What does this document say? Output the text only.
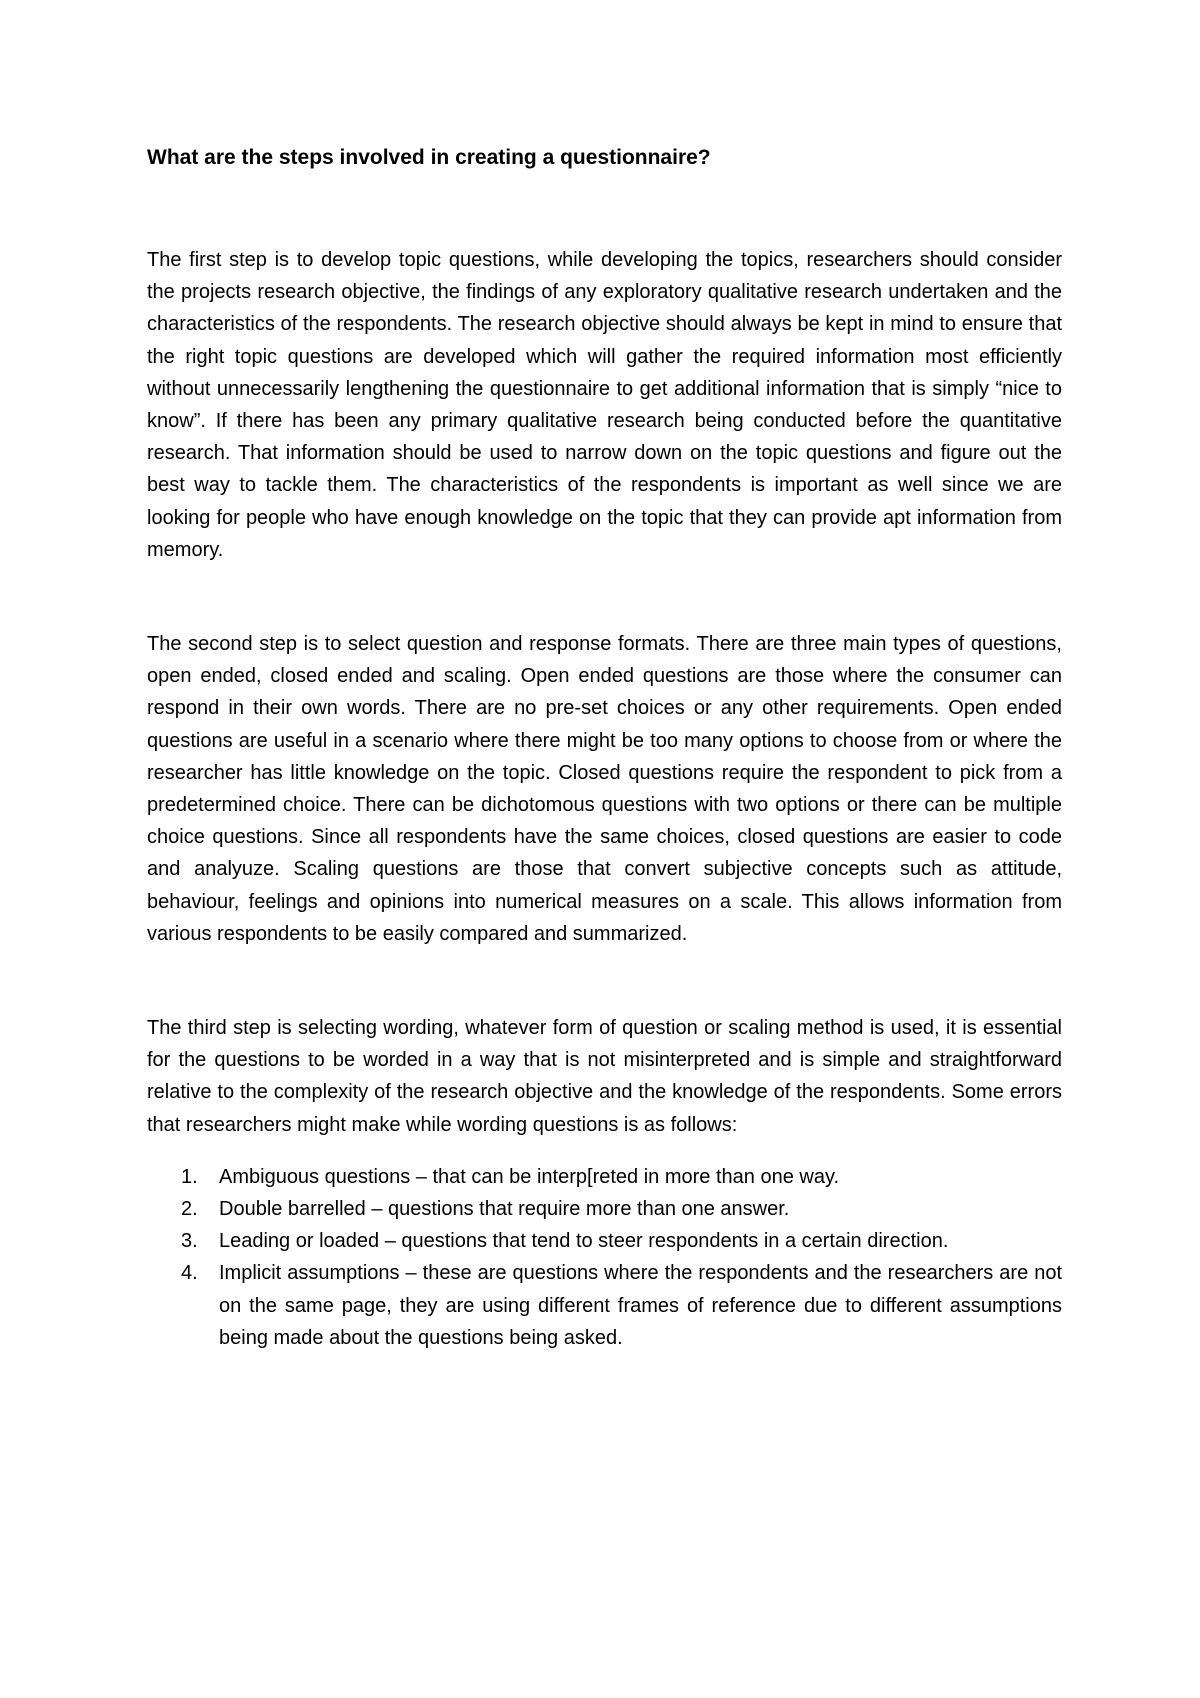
What are the steps involved in creating a questionnaire?

The first step is to develop topic questions, while developing the topics, researchers should consider the projects research objective, the findings of any exploratory qualitative research undertaken and the characteristics of the respondents. The research objective should always be kept in mind to ensure that the right topic questions are developed which will gather the required information most efficiently without unnecessarily lengthening the questionnaire to get additional information that is simply “nice to know”. If there has been any primary qualitative research being conducted before the quantitative research. That information should be used to narrow down on the topic questions and figure out the best way to tackle them. The characteristics of the respondents is important as well since we are looking for people who have enough knowledge on the topic that they can provide apt information from memory.

The second step is to select question and response formats. There are three main types of questions, open ended, closed ended and scaling. Open ended questions are those where the consumer can respond in their own words. There are no pre-set choices or any other requirements. Open ended questions are useful in a scenario where there might be too many options to choose from or where the researcher has little knowledge on the topic. Closed questions require the respondent to pick from a predetermined choice. There can be dichotomous questions with two options or there can be multiple choice questions. Since all respondents have the same choices, closed questions are easier to code and analyuze. Scaling questions are those that convert subjective concepts such as attitude, behaviour, feelings and opinions into numerical measures on a scale. This allows information from various respondents to be easily compared and summarized.

The third step is selecting wording, whatever form of question or scaling method is used, it is essential for the questions to be worded in a way that is not misinterpreted and is simple and straightforward relative to the complexity of the research objective and the knowledge of the respondents. Some errors that researchers might make while wording questions is as follows:

1. Ambiguous questions – that can be interp[reted in more than one way.
2. Double barrelled – questions that require more than one answer.
3. Leading or loaded – questions that tend to steer respondents in a certain direction.
4. Implicit assumptions – these are questions where the respondents and the researchers are not on the same page, they are using different frames of reference due to different assumptions being made about the questions being asked.
